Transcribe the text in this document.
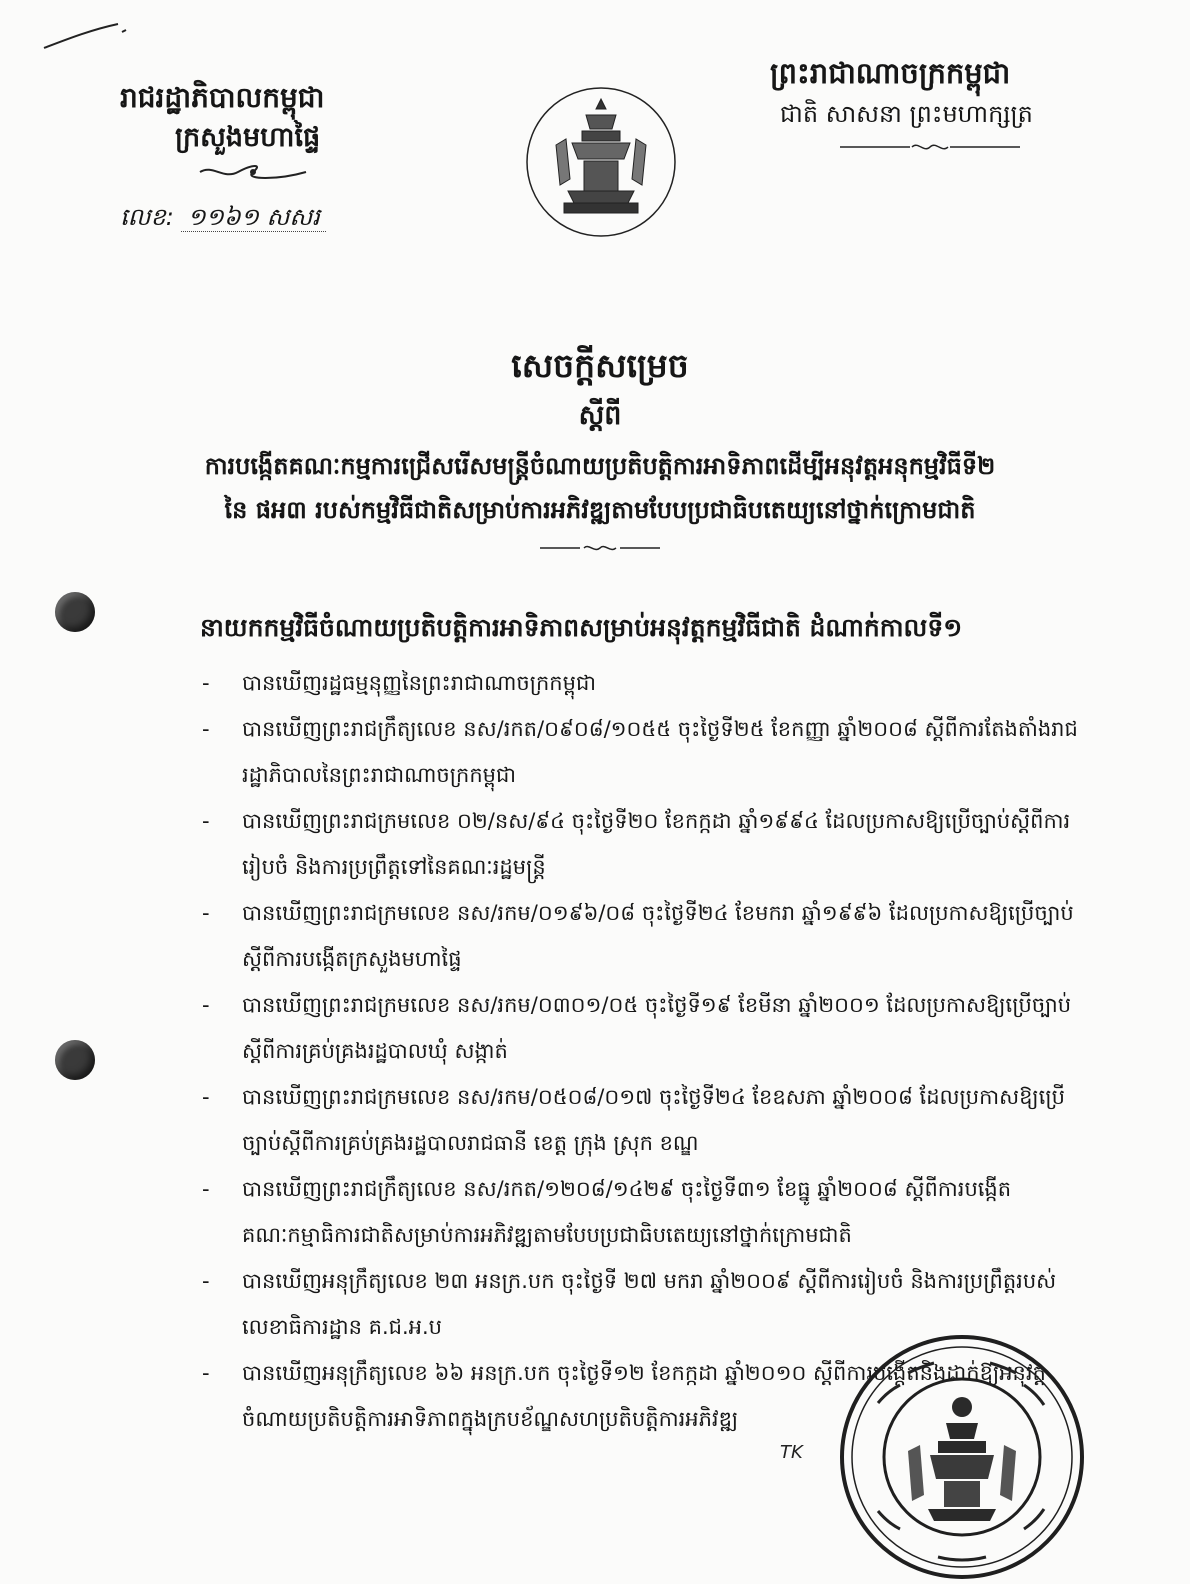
រាជរដ្ឋាភិបាលកម្ពុជា
ក្រសួងមហាផ្ទៃ
លេខ: ១១៦១ សសរ
ព្រះរាជាណាចក្រកម្ពុជា
ជាតិ សាសនា ព្រះមហាក្សត្រ
សេចក្តីសម្រេច
ស្តីពី
ការបង្កើតគណៈកម្មការជ្រើសរើសមន្ត្រីចំណាយប្រតិបត្តិការអាទិភាពដើម្បីអនុវត្តអនុកម្មវិធីទី២
នៃ ផអ៣ របស់កម្មវិធីជាតិសម្រាប់ការអភិវឌ្ឍតាមបែបប្រជាធិបតេយ្យនៅថ្នាក់ក្រោមជាតិ
នាយកកម្មវិធីចំណាយប្រតិបត្តិការអាទិភាពសម្រាប់អនុវត្តកម្មវិធីជាតិ ដំណាក់កាលទី១
-	បានឃើញរដ្ឋធម្មនុញ្ញនៃព្រះរាជាណាចក្រកម្ពុជា
-	បានឃើញព្រះរាជក្រឹត្យលេខ នស/រកត/០៩០៨/១០៥៥ ចុះថ្ងៃទី២៥ ខែកញ្ញា ឆ្នាំ២០០៨ ស្តីពីការតែងតាំងរាជរដ្ឋាភិបាលនៃព្រះរាជាណាចក្រកម្ពុជា
-	បានឃើញព្រះរាជក្រមលេខ ០២/នស/៩៤ ចុះថ្ងៃទី២០ ខែកក្កដា ឆ្នាំ១៩៩៤ ដែលប្រកាសឱ្យប្រើច្បាប់ស្តីពីការរៀបចំ និងការប្រព្រឹត្តទៅនៃគណៈរដ្ឋមន្ត្រី
-	បានឃើញព្រះរាជក្រមលេខ នស/រកម/០១៩៦/០៨ ចុះថ្ងៃទី២៤ ខែមករា ឆ្នាំ១៩៩៦ ដែលប្រកាសឱ្យប្រើច្បាប់ស្តីពីការបង្កើតក្រសួងមហាផ្ទៃ
-	បានឃើញព្រះរាជក្រមលេខ នស/រកម/០៣០១/០៥ ចុះថ្ងៃទី១៩ ខែមីនា ឆ្នាំ២០០១ ដែលប្រកាសឱ្យប្រើច្បាប់ស្តីពីការគ្រប់គ្រងរដ្ឋបាលឃុំ សង្កាត់
-	បានឃើញព្រះរាជក្រមលេខ នស/រកម/០៥០៨/០១៧ ចុះថ្ងៃទី២៤ ខែឧសភា ឆ្នាំ២០០៨ ដែលប្រកាសឱ្យប្រើច្បាប់ស្តីពីការគ្រប់គ្រងរដ្ឋបាលរាជធានី ខេត្ត ក្រុង ស្រុក ខណ្ឌ
-	បានឃើញព្រះរាជក្រឹត្យលេខ នស/រកត/១២០៨/១៤២៩ ចុះថ្ងៃទី៣១ ខែធ្នូ ឆ្នាំ២០០៨ ស្តីពីការបង្កើតគណៈកម្មាធិការជាតិសម្រាប់ការអភិវឌ្ឍតាមបែបប្រជាធិបតេយ្យនៅថ្នាក់ក្រោមជាតិ
-	បានឃើញអនុក្រឹត្យលេខ ២៣ អនក្រ.បក ចុះថ្ងៃទី ២៧ មករា ឆ្នាំ២០០៩ ស្តីពីការរៀបចំ និងការប្រព្រឹត្តរបស់លេខាធិការដ្ឋាន គ.ជ.អ.ប
-	បានឃើញអនុក្រឹត្យលេខ ៦៦ អនក្រ.បក ចុះថ្ងៃទី១២ ខែកក្កដា ឆ្នាំ២០១០ ស្តីពីការបង្កើតនិងដាក់ឱ្យអនុវត្តចំណាយប្រតិបត្តិការអាទិភាពក្នុងក្របខ័ណ្ឌសហប្រតិបត្តិការអភិវឌ្ឍ
TK
